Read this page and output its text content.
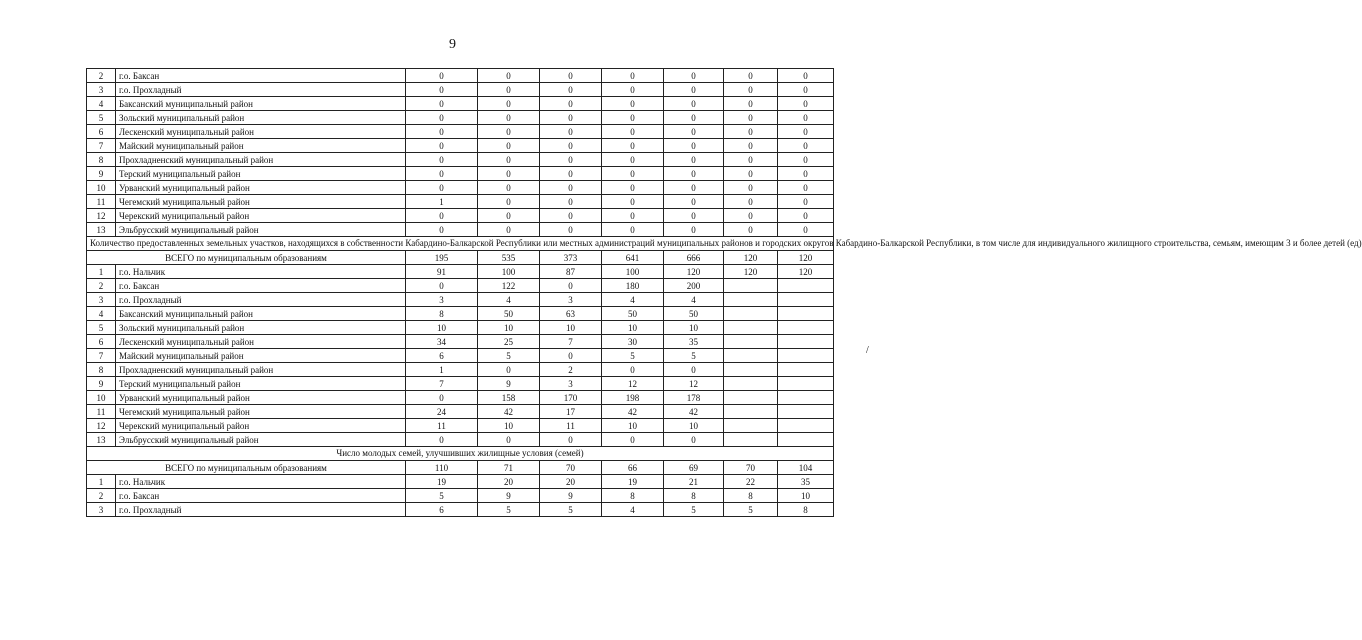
9
/
2	г.о. Баксан	0	0	0	0	0	0	0
3	г.о. Прохладный	0	0	0	0	0	0	0
4	Баксанский муниципальный район	0	0	0	0	0	0	0
5	Зольский муниципальный район	0	0	0	0	0	0	0
6	Лескенский муниципальный район	0	0	0	0	0	0	0
7	Майский муниципальный район	0	0	0	0	0	0	0
8	Прохладненский муниципальный район	0	0	0	0	0	0	0
9	Терский муниципальный район	0	0	0	0	0	0	0
10	Урванский муниципальный район	0	0	0	0	0	0	0
11	Чегемский муниципальный район	1	0	0	0	0	0	0
12	Черекский муниципальный район	0	0	0	0	0	0	0
13	Эльбрусский муниципальный район	0	0	0	0	0	0	0
Количество предоставленных земельных участков, находящихся в собственности Кабардино-Балкарской Республики или местных администраций муниципальных районов и городских округов Кабардино-Балкарской Республики, в том числе для индивидуального жилищного строительства, семьям, имеющим 3 и более детей (ед)								
ВСЕГО по муниципальным образованиям		195	535	373	641	666	120	120
1	г.о. Нальчик	91	100	87	100	120	120	120
2	г.о. Баксан	0	122	0	180	200		
3	г.о. Прохладный	3	4	3	4	4		
4	Баксанский муниципальный район	8	50	63	50	50		
5	Зольский муниципальный район	10	10	10	10	10		
6	Лескенский муниципальный район	34	25	7	30	35		
7	Майский муниципальный район	6	5	0	5	5		
8	Прохладненский муниципальный район	1	0	2	0	0		
9	Терский муниципальный район	7	9	3	12	12		
10	Урванский муниципальный район	0	158	170	198	178		
11	Чегемский муниципальный район	24	42	17	42	42		
12	Черекский муниципальный район	11	10	11	10	10		
13	Эльбрусский муниципальный район	0	0	0	0	0		
Число молодых семей, улучшивших жилищные условия (семей)								
ВСЕГО по муниципальным образованиям		110	71	70	66	69	70	104
1	г.о. Нальчик	19	20	20	19	21	22	35
2	г.о. Баксан	5	9	9	8	8	8	10
3	г.о. Прохладный	6	5	5	4	5	5	8
